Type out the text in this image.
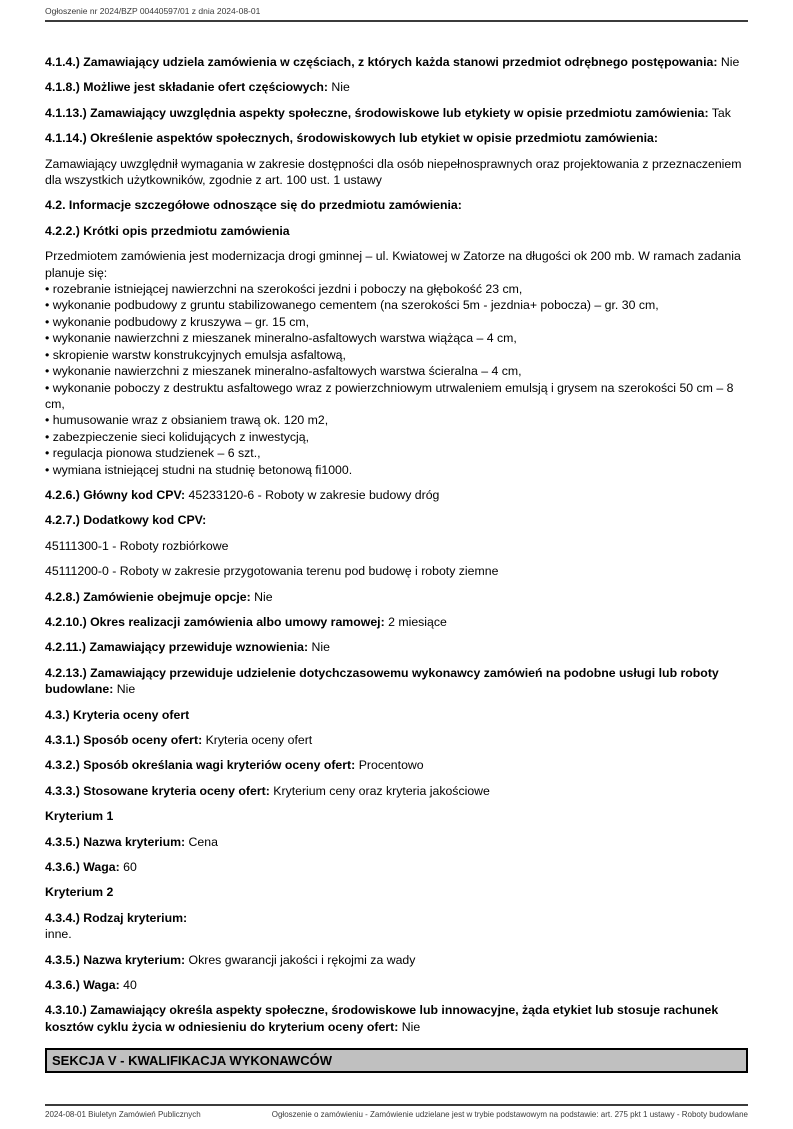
Ogłoszenie nr 2024/BZP 00440597/01 z dnia 2024-08-01

4.1.4.) Zamawiający udziela zamówienia w częściach, z których każda stanowi przedmiot odrębnego postępowania: Nie

4.1.8.) Możliwe jest składanie ofert częściowych: Nie

4.1.13.) Zamawiający uwzględnia aspekty społeczne, środowiskowe lub etykiety w opisie przedmiotu zamówienia: Tak

4.1.14.) Określenie aspektów społecznych, środowiskowych lub etykiet w opisie przedmiotu zamówienia:

Zamawiający uwzględnił wymagania w zakresie dostępności dla osób niepełnosprawnych oraz projektowania z przeznaczeniem dla wszystkich użytkowników, zgodnie z art. 100 ust. 1 ustawy

4.2. Informacje szczegółowe odnoszące się do przedmiotu zamówienia:

4.2.2.) Krótki opis przedmiotu zamówienia

Przedmiotem zamówienia jest modernizacja drogi gminnej – ul. Kwiatowej w Zatorze na długości ok 200 mb. W ramach zadania planuje się:
• rozebranie istniejącej nawierzchni na szerokości jezdni i poboczy na głębokość 23 cm,
• wykonanie podbudowy z gruntu stabilizowanego cementem (na szerokości 5m - jezdnia+ pobocza) – gr. 30 cm,
• wykonanie podbudowy z kruszywa – gr. 15 cm,
• wykonanie nawierzchni z mieszanek mineralno-asfaltowych warstwa wiążąca – 4 cm,
• skropienie warstw konstrukcyjnych emulsja asfaltową,
• wykonanie nawierzchni z mieszanek mineralno-asfaltowych warstwa ścieralna – 4 cm,
• wykonanie poboczy z destruktu asfaltowego wraz z powierzchniowym utrwaleniem emulsją i grysem na szerokości 50 cm – 8 cm,
• humusowanie wraz z obsianiem trawą ok. 120 m2,
• zabezpieczenie sieci kolidujących z inwestycją,
• regulacja pionowa studzienek – 6 szt.,
• wymiana istniejącej studni na studnię betonową fi1000.

4.2.6.) Główny kod CPV: 45233120-6 - Roboty w zakresie budowy dróg

4.2.7.) Dodatkowy kod CPV:

45111300-1 - Roboty rozbiórkowe

45111200-0 - Roboty w zakresie przygotowania terenu pod budowę i roboty ziemne

4.2.8.) Zamówienie obejmuje opcje: Nie

4.2.10.) Okres realizacji zamówienia albo umowy ramowej: 2 miesiące

4.2.11.) Zamawiający przewiduje wznowienia: Nie

4.2.13.) Zamawiający przewiduje udzielenie dotychczasowemu wykonawcy zamówień na podobne usługi lub roboty budowlane: Nie

4.3.) Kryteria oceny ofert

4.3.1.) Sposób oceny ofert: Kryteria oceny ofert

4.3.2.) Sposób określania wagi kryteriów oceny ofert: Procentowo

4.3.3.) Stosowane kryteria oceny ofert: Kryterium ceny oraz kryteria jakościowe

Kryterium 1

4.3.5.) Nazwa kryterium: Cena

4.3.6.) Waga: 60

Kryterium 2

4.3.4.) Rodzaj kryterium:
inne.

4.3.5.) Nazwa kryterium: Okres gwarancji jakości i rękojmi za wady

4.3.6.) Waga: 40

4.3.10.) Zamawiający określa aspekty społeczne, środowiskowe lub innowacyjne, żąda etykiet lub stosuje rachunek kosztów cyklu życia w odniesieniu do kryterium oceny ofert: Nie

SEKCJA V - KWALIFIKACJA WYKONAWCÓW
2024-08-01 Biuletyn Zamówień Publicznych	Ogłoszenie o zamówieniu - Zamówienie udzielane jest w trybie podstawowym na podstawie: art. 275 pkt 1 ustawy - Roboty budowlane
